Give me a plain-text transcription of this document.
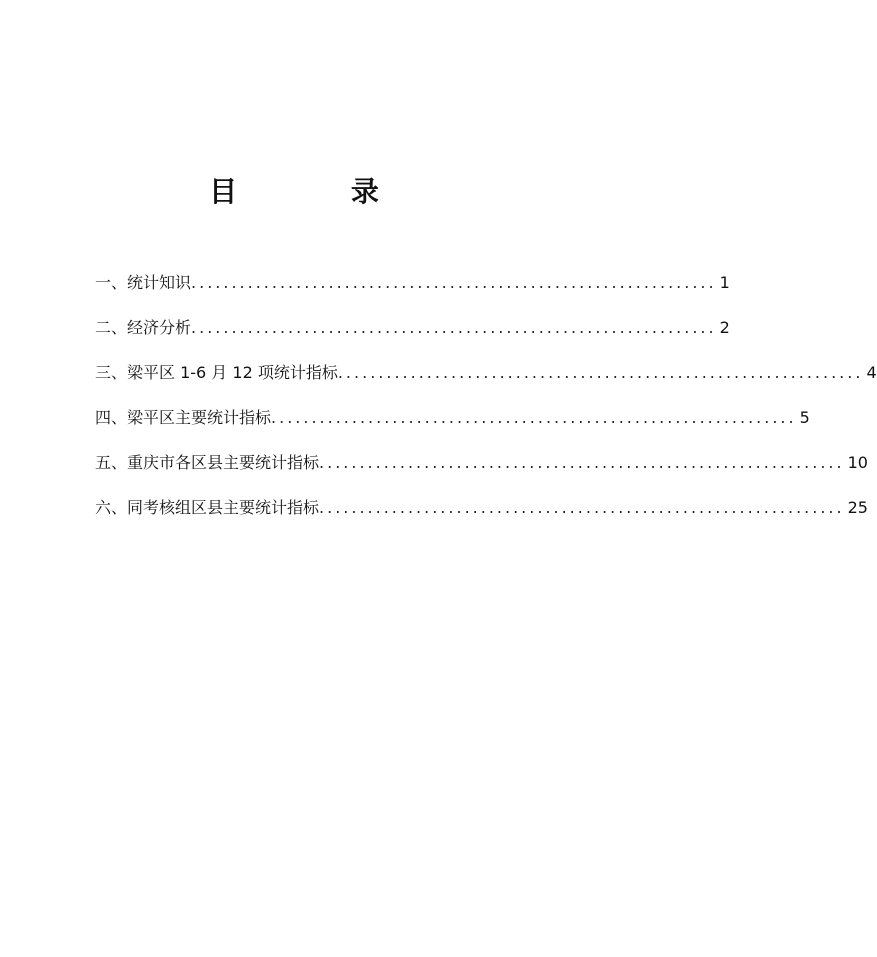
目 录
一、统计知识 ................................................................. 1
二、经济分析 ................................................................. 2
三、梁平区 1-6 月 12 项统计指标 ................................................................. 4
四、梁平区主要统计指标 ................................................................. 5
五、重庆市各区县主要统计指标 ................................................................. 10
六、同考核组区县主要统计指标 ................................................................. 25
